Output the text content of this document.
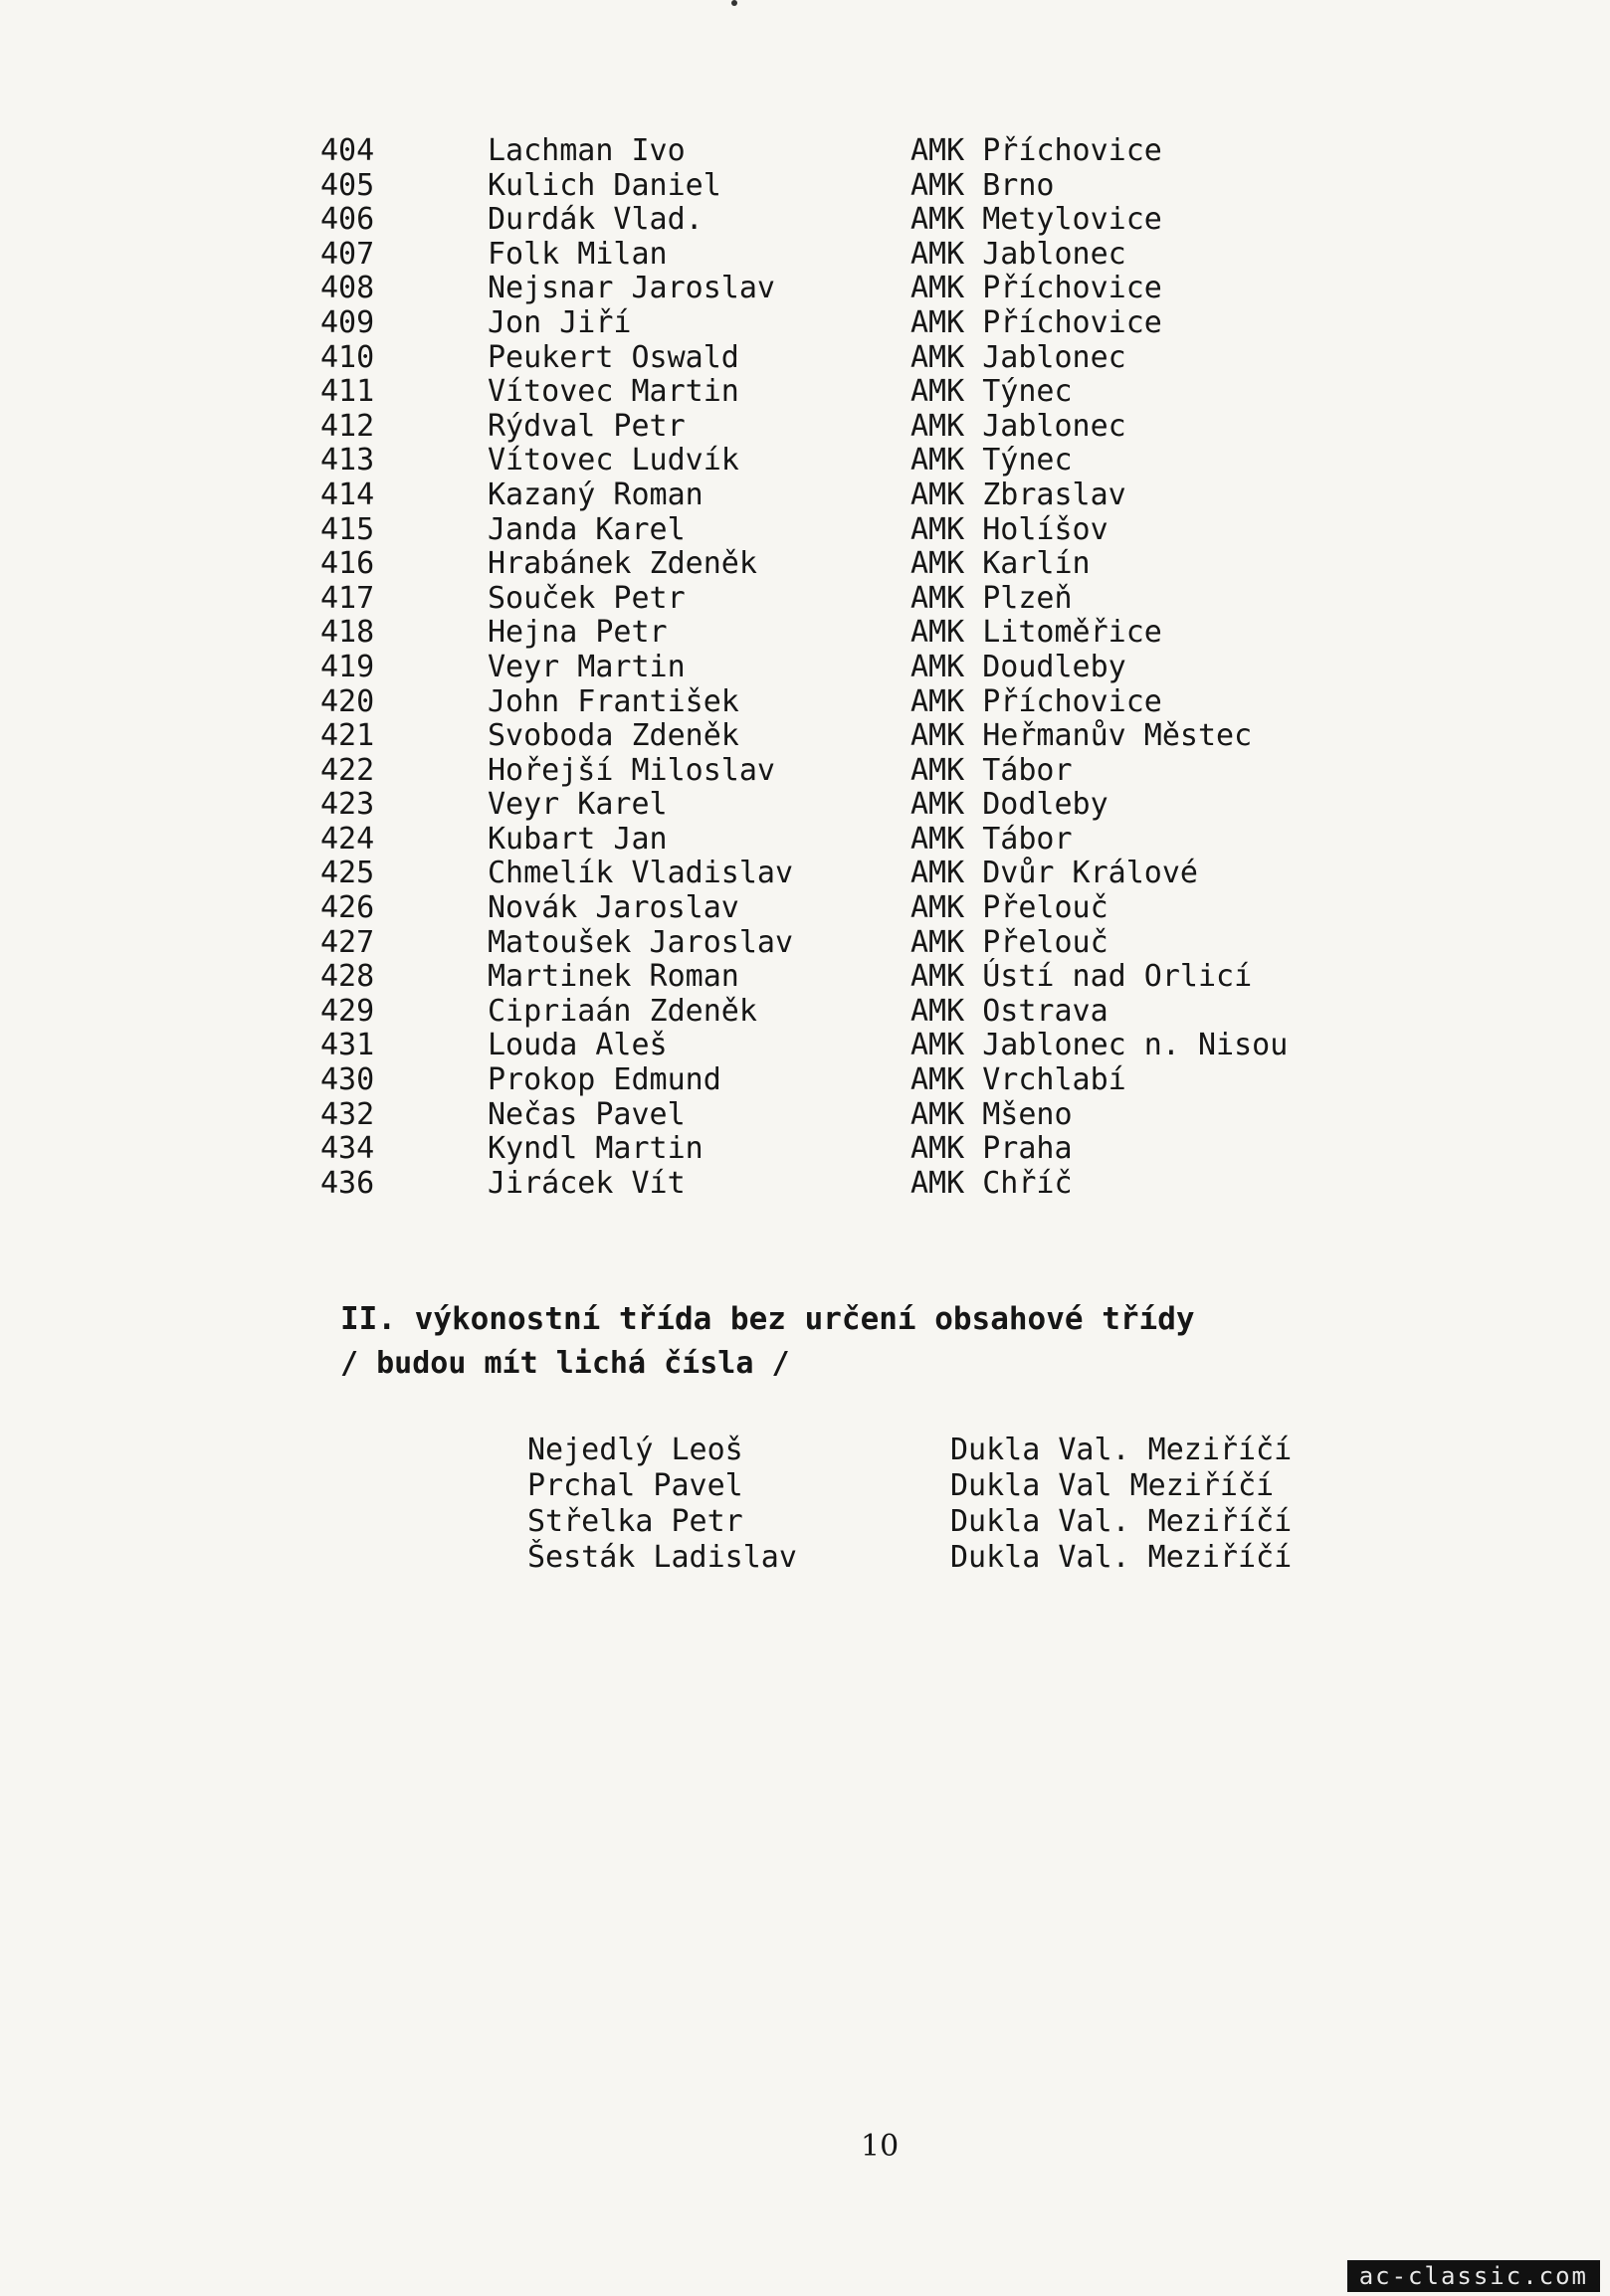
404	Lachman Ivo	AMK Příchovice
405	Kulich Daniel	AMK Brno
406	Durdák Vlad.	AMK Metylovice
407	Folk Milan	AMK Jablonec
408	Nejsnar Jaroslav	AMK Příchovice
409	Jon Jiří	AMK Příchovice
410	Peukert Oswald	AMK Jablonec
411	Vítovec Martin	AMK Týnec
412	Rýdval Petr	AMK Jablonec
413	Vítovec Ludvík	AMK Týnec
414	Kazaný Roman	AMK Zbraslav
415	Janda Karel	AMK Holíšov
416	Hrabánek Zdeněk	AMK Karlín
417	Souček Petr	AMK Plzeň
418	Hejna Petr	AMK Litoměřice
419	Veyr Martin	AMK Doudleby
420	John František	AMK Příchovice
421	Svoboda Zdeněk	AMK Heřmanův Městec
422	Hořejší Miloslav	AMK Tábor
423	Veyr Karel	AMK Dodleby
424	Kubart Jan	AMK Tábor
425	Chmelík Vladislav	AMK Dvůr Králové
426	Novák Jaroslav	AMK Přelouč
427	Matoušek Jaroslav	AMK Přelouč
428	Martinek Roman	AMK Ústí nad Orlicí
429	Cipriaán Zdeněk	AMK Ostrava
431	Louda Aleš	AMK Jablonec n. Nisou
430	Prokop Edmund	AMK Vrchlabí
432	Nečas Pavel	AMK Mšeno
434	Kyndl Martin	AMK Praha
436	Jirácek Vít	AMK Chříč
II. výkonostní třída bez určení obsahové třídy
/ budou mít lichá čísla /
Nejedlý Leoš	Dukla Val. Meziříčí
Prchal Pavel	Dukla Val Meziříčí
Střelka Petr	Dukla Val. Meziříčí
Šesták Ladislav	Dukla Val. Meziříčí
10
ac-classic.com
